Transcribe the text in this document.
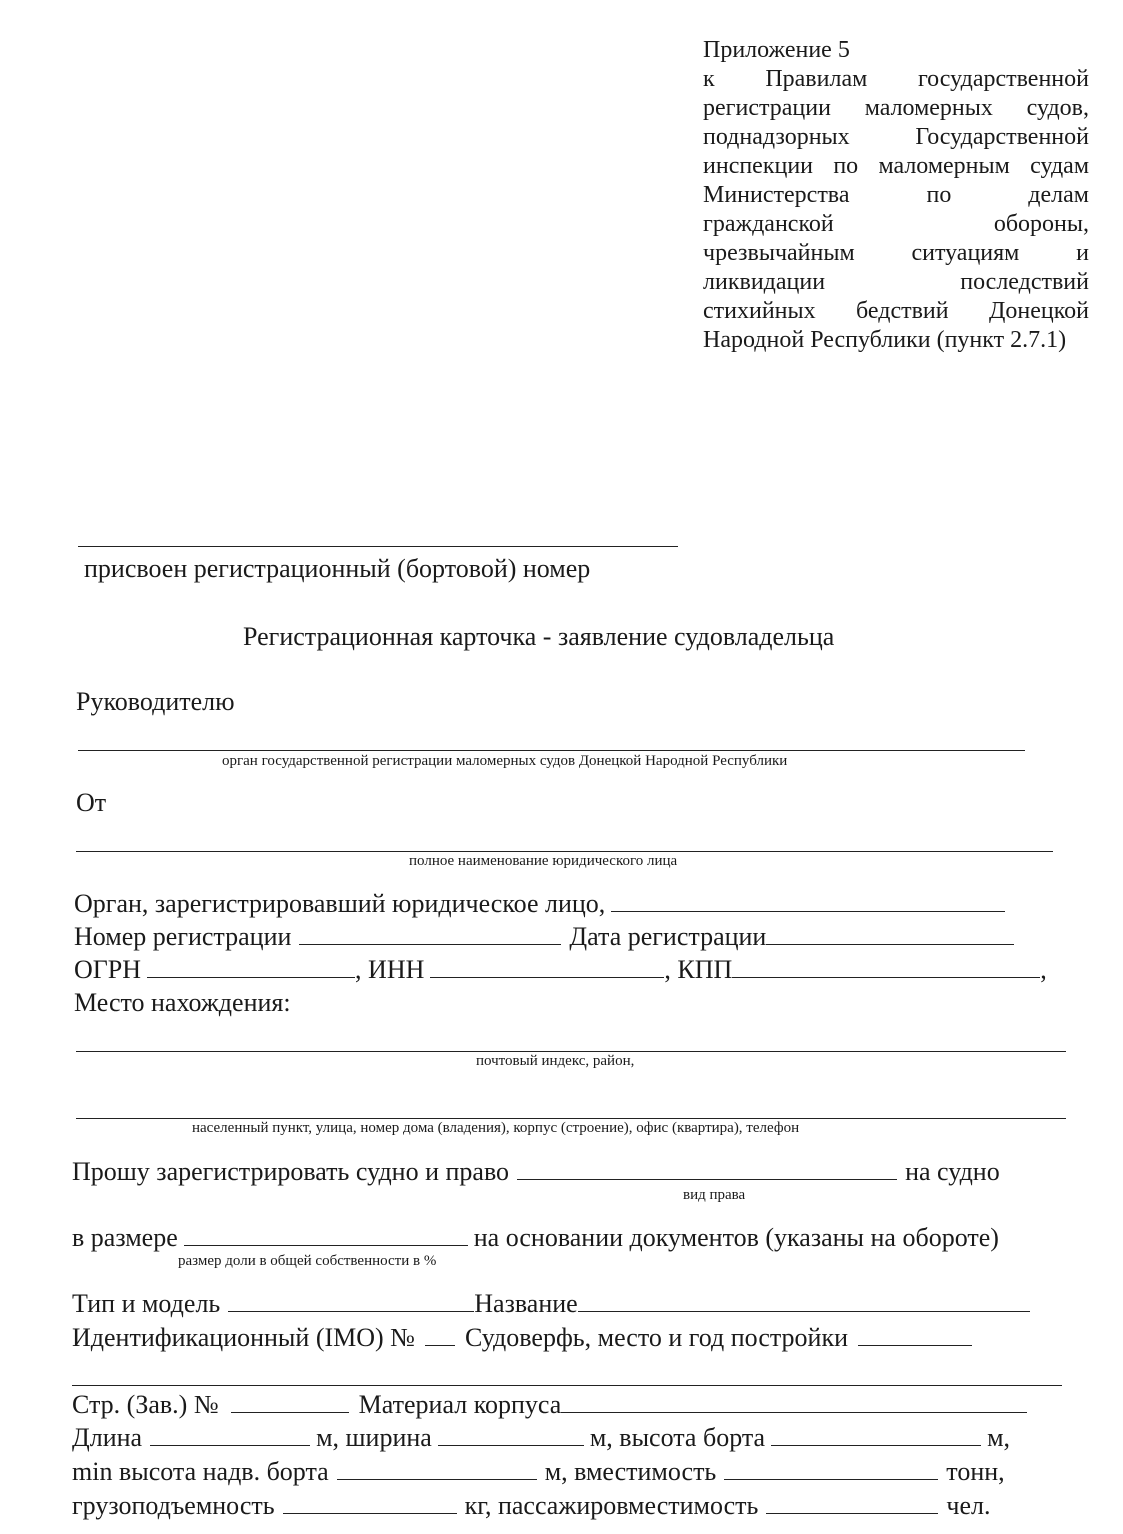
Приложение 5
к Правилам государственной
регистрации маломерных судов,
поднадзорных	Государственной
инспекции по маломерным судам
Министерства	по	делам
гражданской	обороны,
чрезвычайным ситуациям и
ликвидации	последствий
стихийных бедствий Донецкой
Народной Республики (пункт 2.7.1)
присвоен регистрационный (бортовой) номер
Регистрационная карточка - заявление судовладельца
Руководителю
орган государственной регистрации маломерных судов Донецкой Народной Республики
От
полное наименование юридического лица
Орган, зарегистрировавший юридическое лицо,
Номер регистрации	Дата регистрации
ОГРН	, ИНН	, КПП	,
Место нахождения:
почтовый индекс, район,
населенный пункт, улица, номер дома (владения), корпус (строение), офис (квартира), телефон
Прошу зарегистрировать судно и право	на судно
вид права
в размере	на основании документов (указаны на обороте)
размер доли в общей собственности в %
Тип и модель	Название
Идентификационный (IMO) № Судоверфь, место и год постройки
Стр. (Зав.) №	Материал корпуса
Длина	м, ширина	м, высота борта	м,
min высота надв. борта	м, вместимость	тонн,
грузоподъемность	кг, пассажировместимость	чел.
